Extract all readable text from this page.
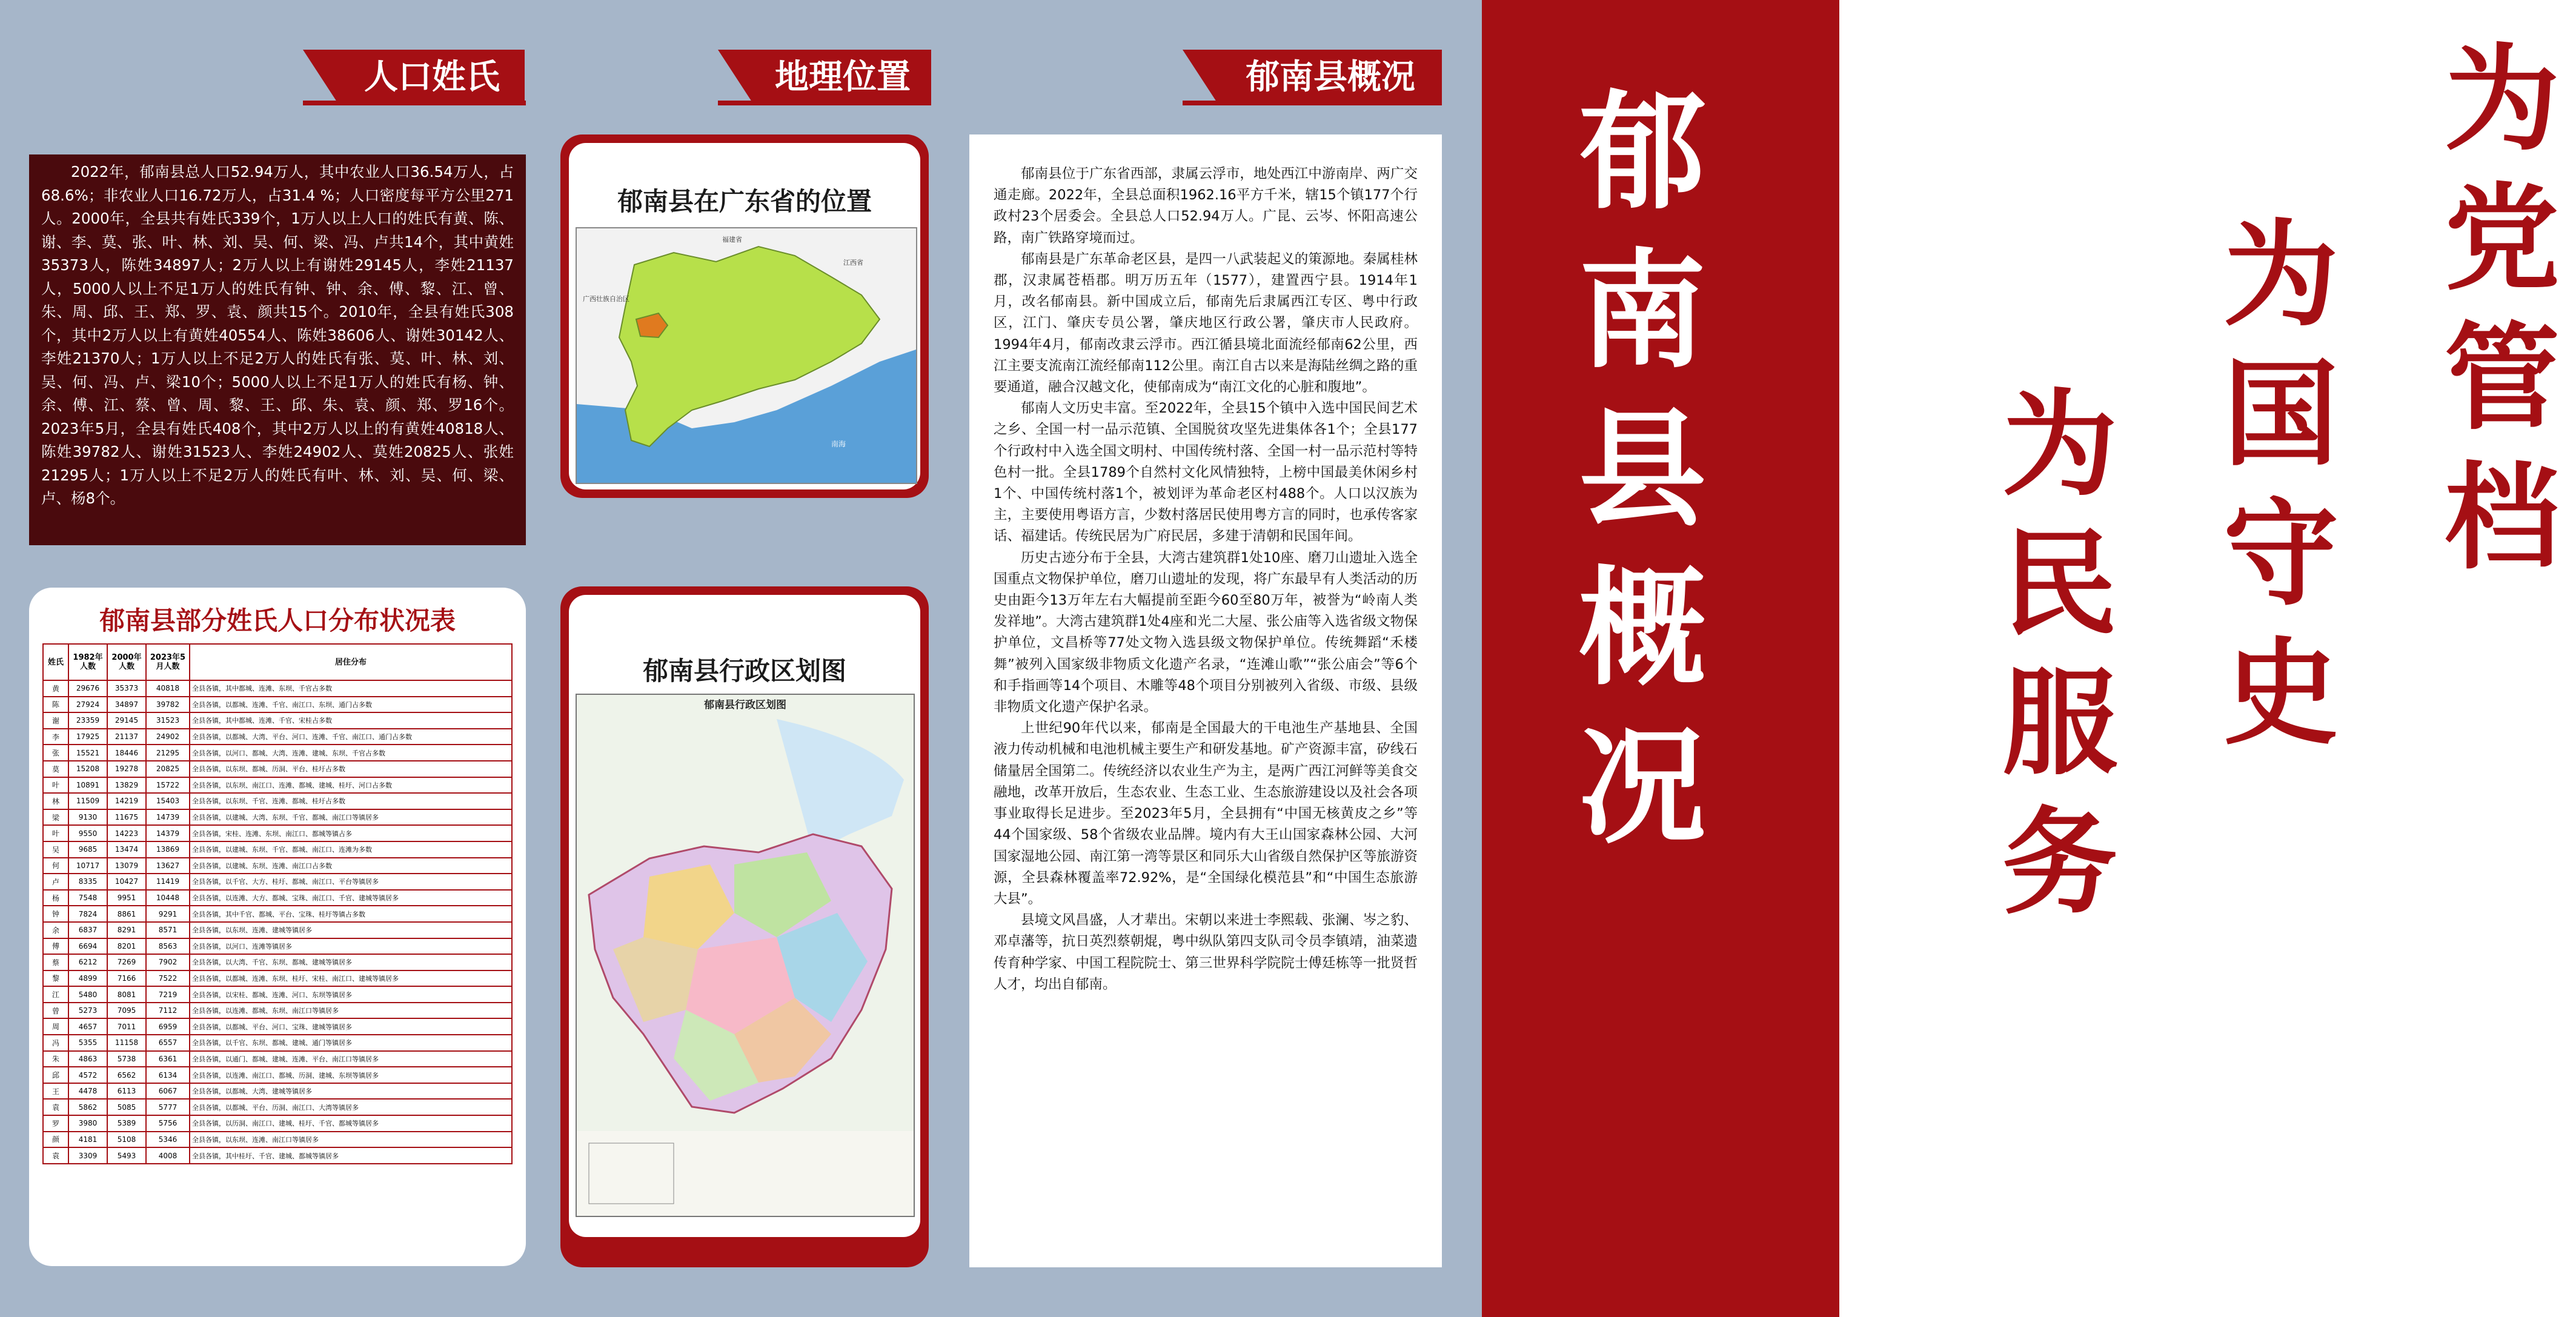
人口姓氏	地理位置	郁南县概况
2022年，郁南县总人口52.94万人，其中农业人口36.54万人，占68.6%；非农业人口16.72万人，占31.4 %；人口密度每平方公里271人。2000年，全县共有姓氏339个，1万人以上人口的姓氏有黄、陈、谢、李、莫、张、叶、林、刘、吴、何、梁、冯、卢共14个，其中黄姓35373人，陈姓34897人；2万人以上有谢姓29145人，李姓21137人，5000人以上不足1万人的姓氏有钟、钟、余、傅、黎、江、曾、朱、周、邱、王、郑、罗、袁、颜共15个。2010年，全县有姓氏308个，其中2万人以上有黄姓40554人、陈姓38606人、谢姓30142人、李姓21370人；1万人以上不足2万人的姓氏有张、莫、叶、林、刘、吴、何、冯、卢、梁10个；5000人以上不足1万人的姓氏有杨、钟、余、傅、江、蔡、曾、周、黎、王、邱、朱、袁、颜、郑、罗16个。2023年5月，全县有姓氏408个，其中2万人以上的有黄姓40818人、陈姓39782人、谢姓31523人、李姓24902人、莫姓20825人、张姓21295人；1万人以上不足2万人的姓氏有叶、林、刘、吴、何、梁、卢、杨8个。
郁南县部分姓氏人口分布状况表
姓氏	1982年人数	2000年人数	2023年5月人数	居住分布
黄	29676	35373	40818	全县各镇，其中都城、连滩、东坝、千官占多数
陈	27924	34897	39782	全县各镇，以都城、连滩、千官、南江口、东坝、通门占多数
谢	23359	29145	31523	全县各镇，其中都城、连滩、千官、宋桂占多数
李	17925	21137	24902	全县各镇，以都城、大湾、平台、河口、连滩、千官、南江口、通门占多数
张	15521	18446	21295	全县各镇，以河口、都城、大湾、连滩、建城、东坝、千官占多数
莫	15208	19278	20825	全县各镇，以东坝、都城、历洞、平台、桂圩占多数
叶	10891	13829	15722	全县各镇，以东坝、南江口、连滩、都城、建城、桂圩、河口占多数
林	11509	14219	15403	全县各镇，以东坝、千官、连滩、都城、桂圩占多数
梁	9130	11675	14739	全县各镇，以建城、大湾、东坝、千官、都城、南江口等镇居多
叶	9550	14223	14379	全县各镇，宋桂、连滩、东坝、南江口、都城等镇占多
吴	9685	13474	13869	全县各镇，以建城、东坝、千官、都城、南江口、连滩为多数
何	10717	13079	13627	全县各镇，以建城、东坝、连滩、南江口占多数
卢	8335	10427	11419	全县各镇，以千官、大方、桂圩、都城、南江口、平台等镇居多
杨	7548	9951	10448	全县各镇，以连滩、大方、都城、宝珠、南江口、千官、建城等镇居多
钟	7824	8861	9291	全县各镇，其中千官、都城、平台、宝珠、桂圩等镇占多数
余	6837	8291	8571	全县各镇，以东坝、连滩、建城等镇居多
傅	6694	8201	8563	全县各镇，以河口、连滩等镇居多
蔡	6212	7269	7902	全县各镇，以大湾、千官、东坝、都城、建城等镇居多
黎	4899	7166	7522	全县各镇，以都城、连滩、东坝、桂圩、宋桂、南江口、建城等镇居多
江	5480	8081	7219	全县各镇，以宋桂、都城、连滩、河口、东坝等镇居多
曾	5273	7095	7112	全县各镇，以连滩、都城、东坝、南江口等镇居多
周	4657	7011	6959	全县各镇，以都城、平台、河口、宝珠、建城等镇居多
冯	5355	11158	6557	全县各镇，以千官、东坝、都城、建城、通门等镇居多
朱	4863	5738	6361	全县各镇，以通门、都城、建城、连滩、平台、南江口等镇居多
邱	4572	6562	6134	全县各镇，以连滩、南江口、都城、历洞、建城、东坝等镇居多
王	4478	6113	6067	全县各镇，以都城、大湾、建城等镇居多
袁	5862	5085	5777	全县各镇，以都城、平台、历洞、南江口、大湾等镇居多
罗	3980	5389	5756	全县各镇，以历洞、南江口、建城、桂圩、千官、都城等镇居多
颜	4181	5108	5346	全县各镇，以东坝、连滩、南江口等镇居多
袁	3309	5493	4008	全县各镇，其中桂圩、千官、建城、都城等镇居多
郁南县在广东省的位置
福建省
江西省
广西壮族自治区
南海
郁南县行政区划图
郁南县行政区划图

郁南县位于广东省西部，隶属云浮市，地处西江中游南岸、两广交通走廊。2022年，全县总面积1962.16平方千米，辖15个镇177个行政村23个居委会。全县总人口52.94万人。广昆、云岑、怀阳高速公路，南广铁路穿境而过。

郁南县是广东革命老区县，是四一八武装起义的策源地。秦属桂林郡，汉隶属苍梧郡。明万历五年（1577），建置西宁县。1914年1月，改名郁南县。新中国成立后，郁南先后隶属西江专区、粤中行政区，江门、肇庆专员公署，肇庆地区行政公署，肇庆市人民政府。1994年4月，郁南改隶云浮市。西江循县境北面流经郁南62公里，西江主要支流南江流经郁南112公里。南江自古以来是海陆丝绸之路的重要通道，融合汉越文化，使郁南成为“南江文化的心脏和腹地”。

郁南人文历史丰富。至2022年，全县15个镇中入选中国民间艺术之乡、全国一村一品示范镇、全国脱贫攻坚先进集体各1个；全县177个行政村中入选全国文明村、中国传统村落、全国一村一品示范村等特色村一批。全县1789个自然村文化风情独特，上榜中国最美休闲乡村1个、中国传统村落1个，被划评为革命老区村488个。人口以汉族为主，主要使用粤语方言，少数村落居民使用粤方言的同时，也承传客家话、福建话。传统民居为广府民居，多建于清朝和民国年间。

历史古迹分布于全县，大湾古建筑群1处10座、磨刀山遗址入选全国重点文物保护单位，磨刀山遗址的发现，将广东最早有人类活动的历史由距今13万年左右大幅提前至距今60至80万年，被誉为“岭南人类发祥地”。大湾古建筑群1处4座和光二大屋、张公庙等入选省级文物保护单位，文昌桥等77处文物入选县级文物保护单位。传统舞蹈“禾楼舞”被列入国家级非物质文化遗产名录，“连滩山歌”“张公庙会”等6个和手指画等14个项目、木雕等48个项目分别被列入省级、市级、县级非物质文化遗产保护名录。

上世纪90年代以来，郁南是全国最大的干电池生产基地县、全国液力传动机械和电池机械主要生产和研发基地。矿产资源丰富，矽线石储量居全国第二。传统经济以农业生产为主，是两广西江河鲜等美食交融地，改革开放后，生态农业、生态工业、生态旅游建设以及社会各项事业取得长足进步。至2023年5月，全县拥有“中国无核黄皮之乡”等44个国家级、58个省级农业品牌。境内有大王山国家森林公园、大河国家湿地公园、南江第一湾等景区和同乐大山省级自然保护区等旅游资源，全县森林覆盖率72.92%，是“全国绿化模范县”和“中国生态旅游大县”。

县境文风昌盛，人才辈出。宋朝以来进士李熙载、张澜、岑之豹、邓卓藩等，抗日英烈蔡朝焜，粤中纵队第四支队司令员李镇靖，油菜遗传育种学家、中国工程院院士、第三世界科学院院士傅廷栋等一批贤哲人才，均出自郁南。

郁南县概况
为党管档
为国守史
为民服务
